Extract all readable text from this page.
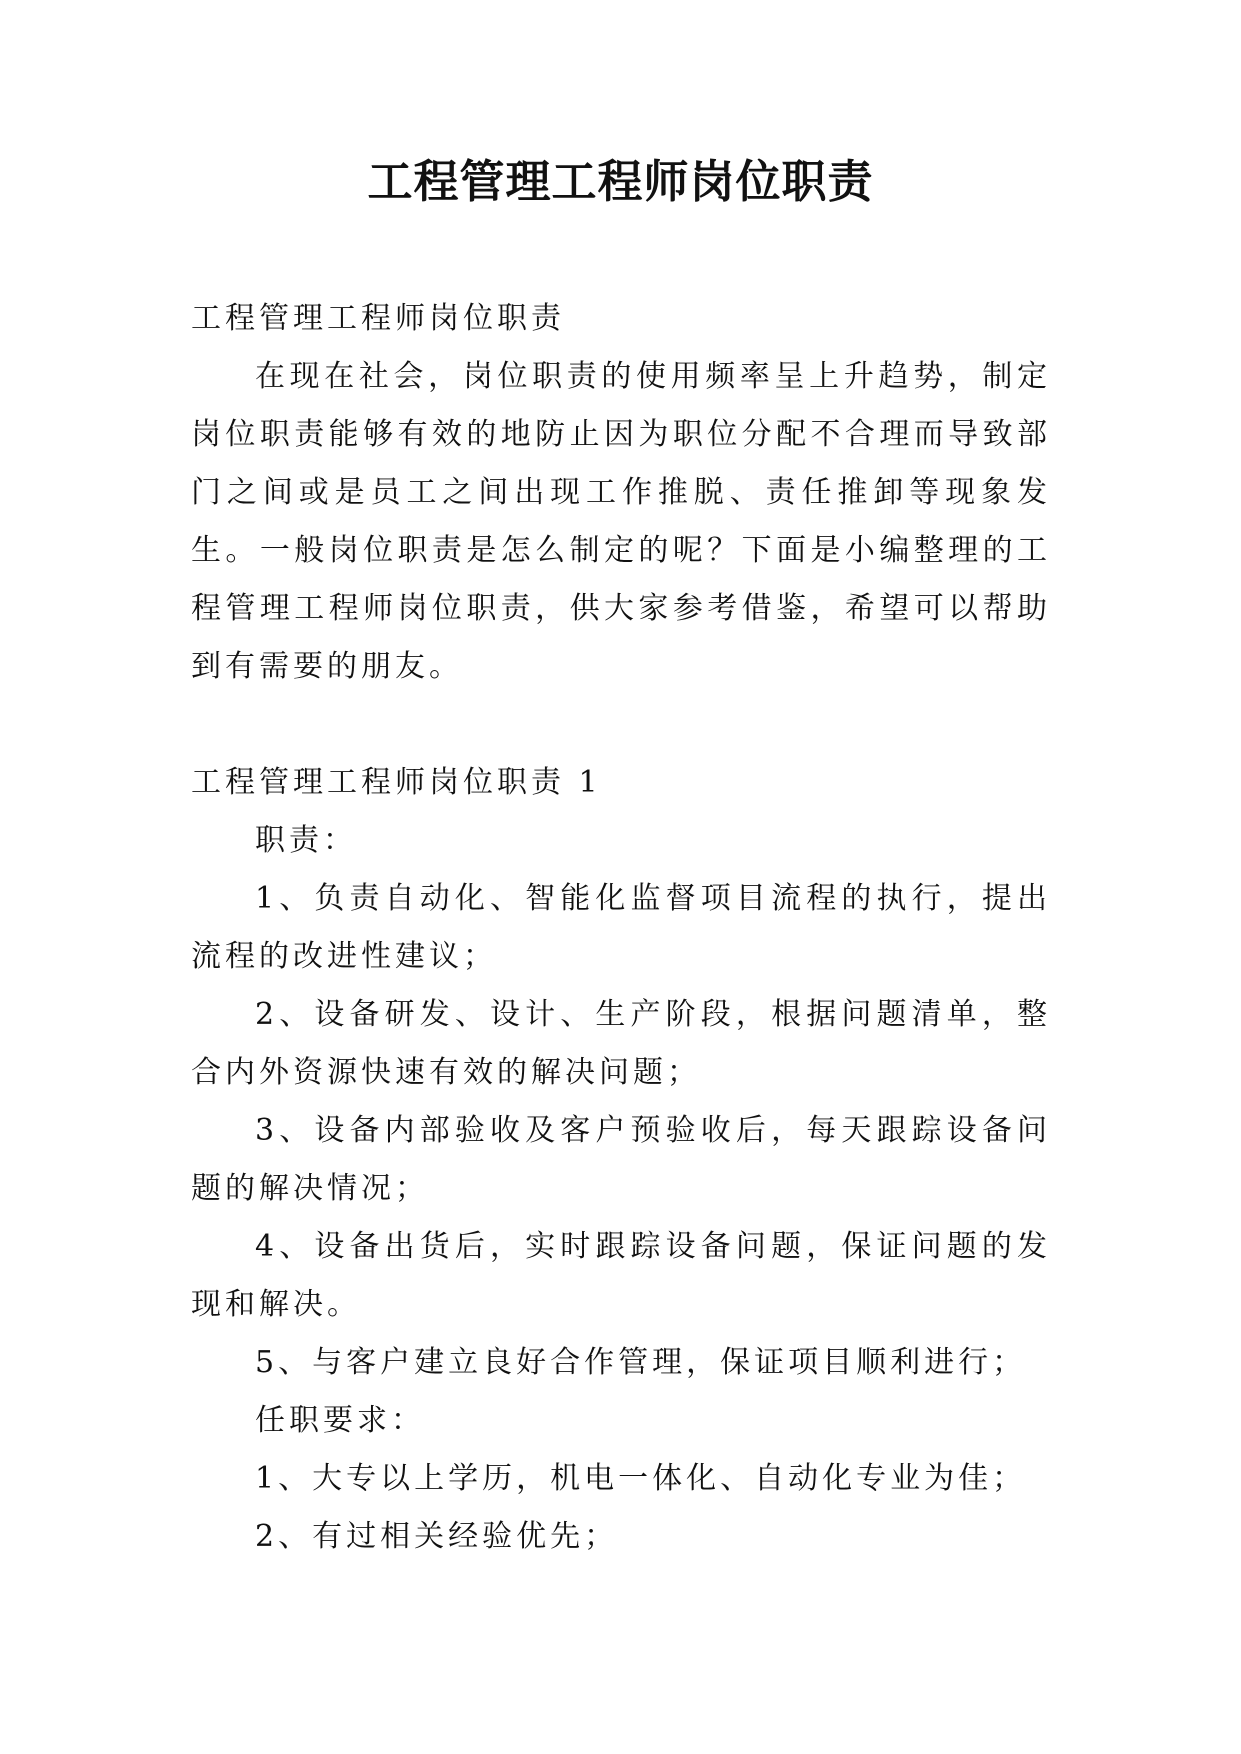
工程管理工程师岗位职责

工程管理工程师岗位职责

在现在社会，岗位职责的使用频率呈上升趋势，制定岗位职责能够有效的地防止因为职位分配不合理而导致部门之间或是员工之间出现工作推脱、责任推卸等现象发生。一般岗位职责是怎么制定的呢？下面是小编整理的工程管理工程师岗位职责，供大家参考借鉴，希望可以帮助到有需要的朋友。

工程管理工程师岗位职责 1

职责：

1、负责自动化、智能化监督项目流程的执行，提出流程的改进性建议；

2、设备研发、设计、生产阶段，根据问题清单，整合内外资源快速有效的解决问题；

3、设备内部验收及客户预验收后，每天跟踪设备问题的解决情况；

4、设备出货后，实时跟踪设备问题，保证问题的发现和解决。

5、与客户建立良好合作管理，保证项目顺利进行；

任职要求：

1、大专以上学历，机电一体化、自动化专业为佳；

2、有过相关经验优先；
